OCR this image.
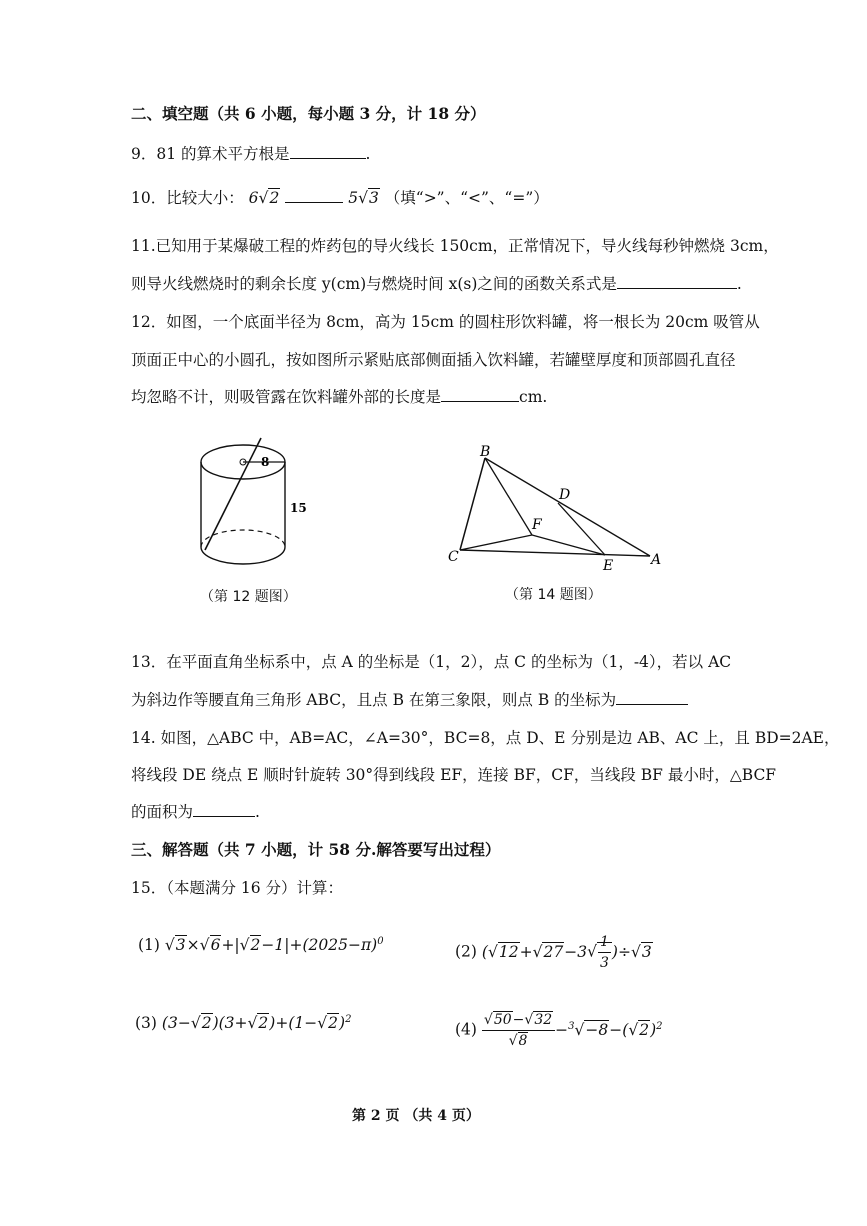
二、填空题（共 6 小题，每小题 3 分，计 18 分）
9．81 的算术平方根是	.
10．比较大小： 6√2	5√3 （填“>”、“<”、“=”）
11.已知用于某爆破工程的炸药包的导火线长 150cm，正常情况下，导火线每秒钟燃烧 3cm，
则导火线燃烧时的剩余长度 y(cm)与燃烧时间 x(s)之间的函数关系式是	.
12．如图，一个底面半径为 8cm，高为 15cm 的圆柱形饮料罐，将一根长为 20cm 吸管从
顶面正中心的小圆孔，按如图所示紧贴底部侧面插入饮料罐，若罐壁厚度和顶部圆孔直径
均忽略不计，则吸管露在饮料罐外部的长度是	cm.
8
15
（第 12 题图）
B
D
F
C
E	A
（第 14 题图）
13．在平面直角坐标系中，点 A 的坐标是（1，2），点 C 的坐标为（1，-4），若以 AC
为斜边作等腰直角三角形 ABC，且点 B 在第三象限，则点 B 的坐标为
14. 如图，△ABC 中，AB=AC，∠A=30°，BC=8，点 D、E 分别是边 AB、AC 上，且 BD=2AE，
将线段 DE 绕点 E 顺时针旋转 30°得到线段 EF，连接 BF，CF，当线段 BF 最小时，△BCF
的面积为	.
三、解答题（共 7 小题，计 58 分.解答要写出过程）
15．（本题满分 16 分）计算：
(1) $√3\times√6+|√2-1|+(2025-\pi)^0$
(2) $(√12+√27-3√ \frac{1}{3} )\div√3$
(3) $(3-√2)(3+√2)+(1-√2)^2$
$(4) \frac{√50-√32}{√8} -^3√-8-(√2)^2$
第 2 页 （共 4 页）
